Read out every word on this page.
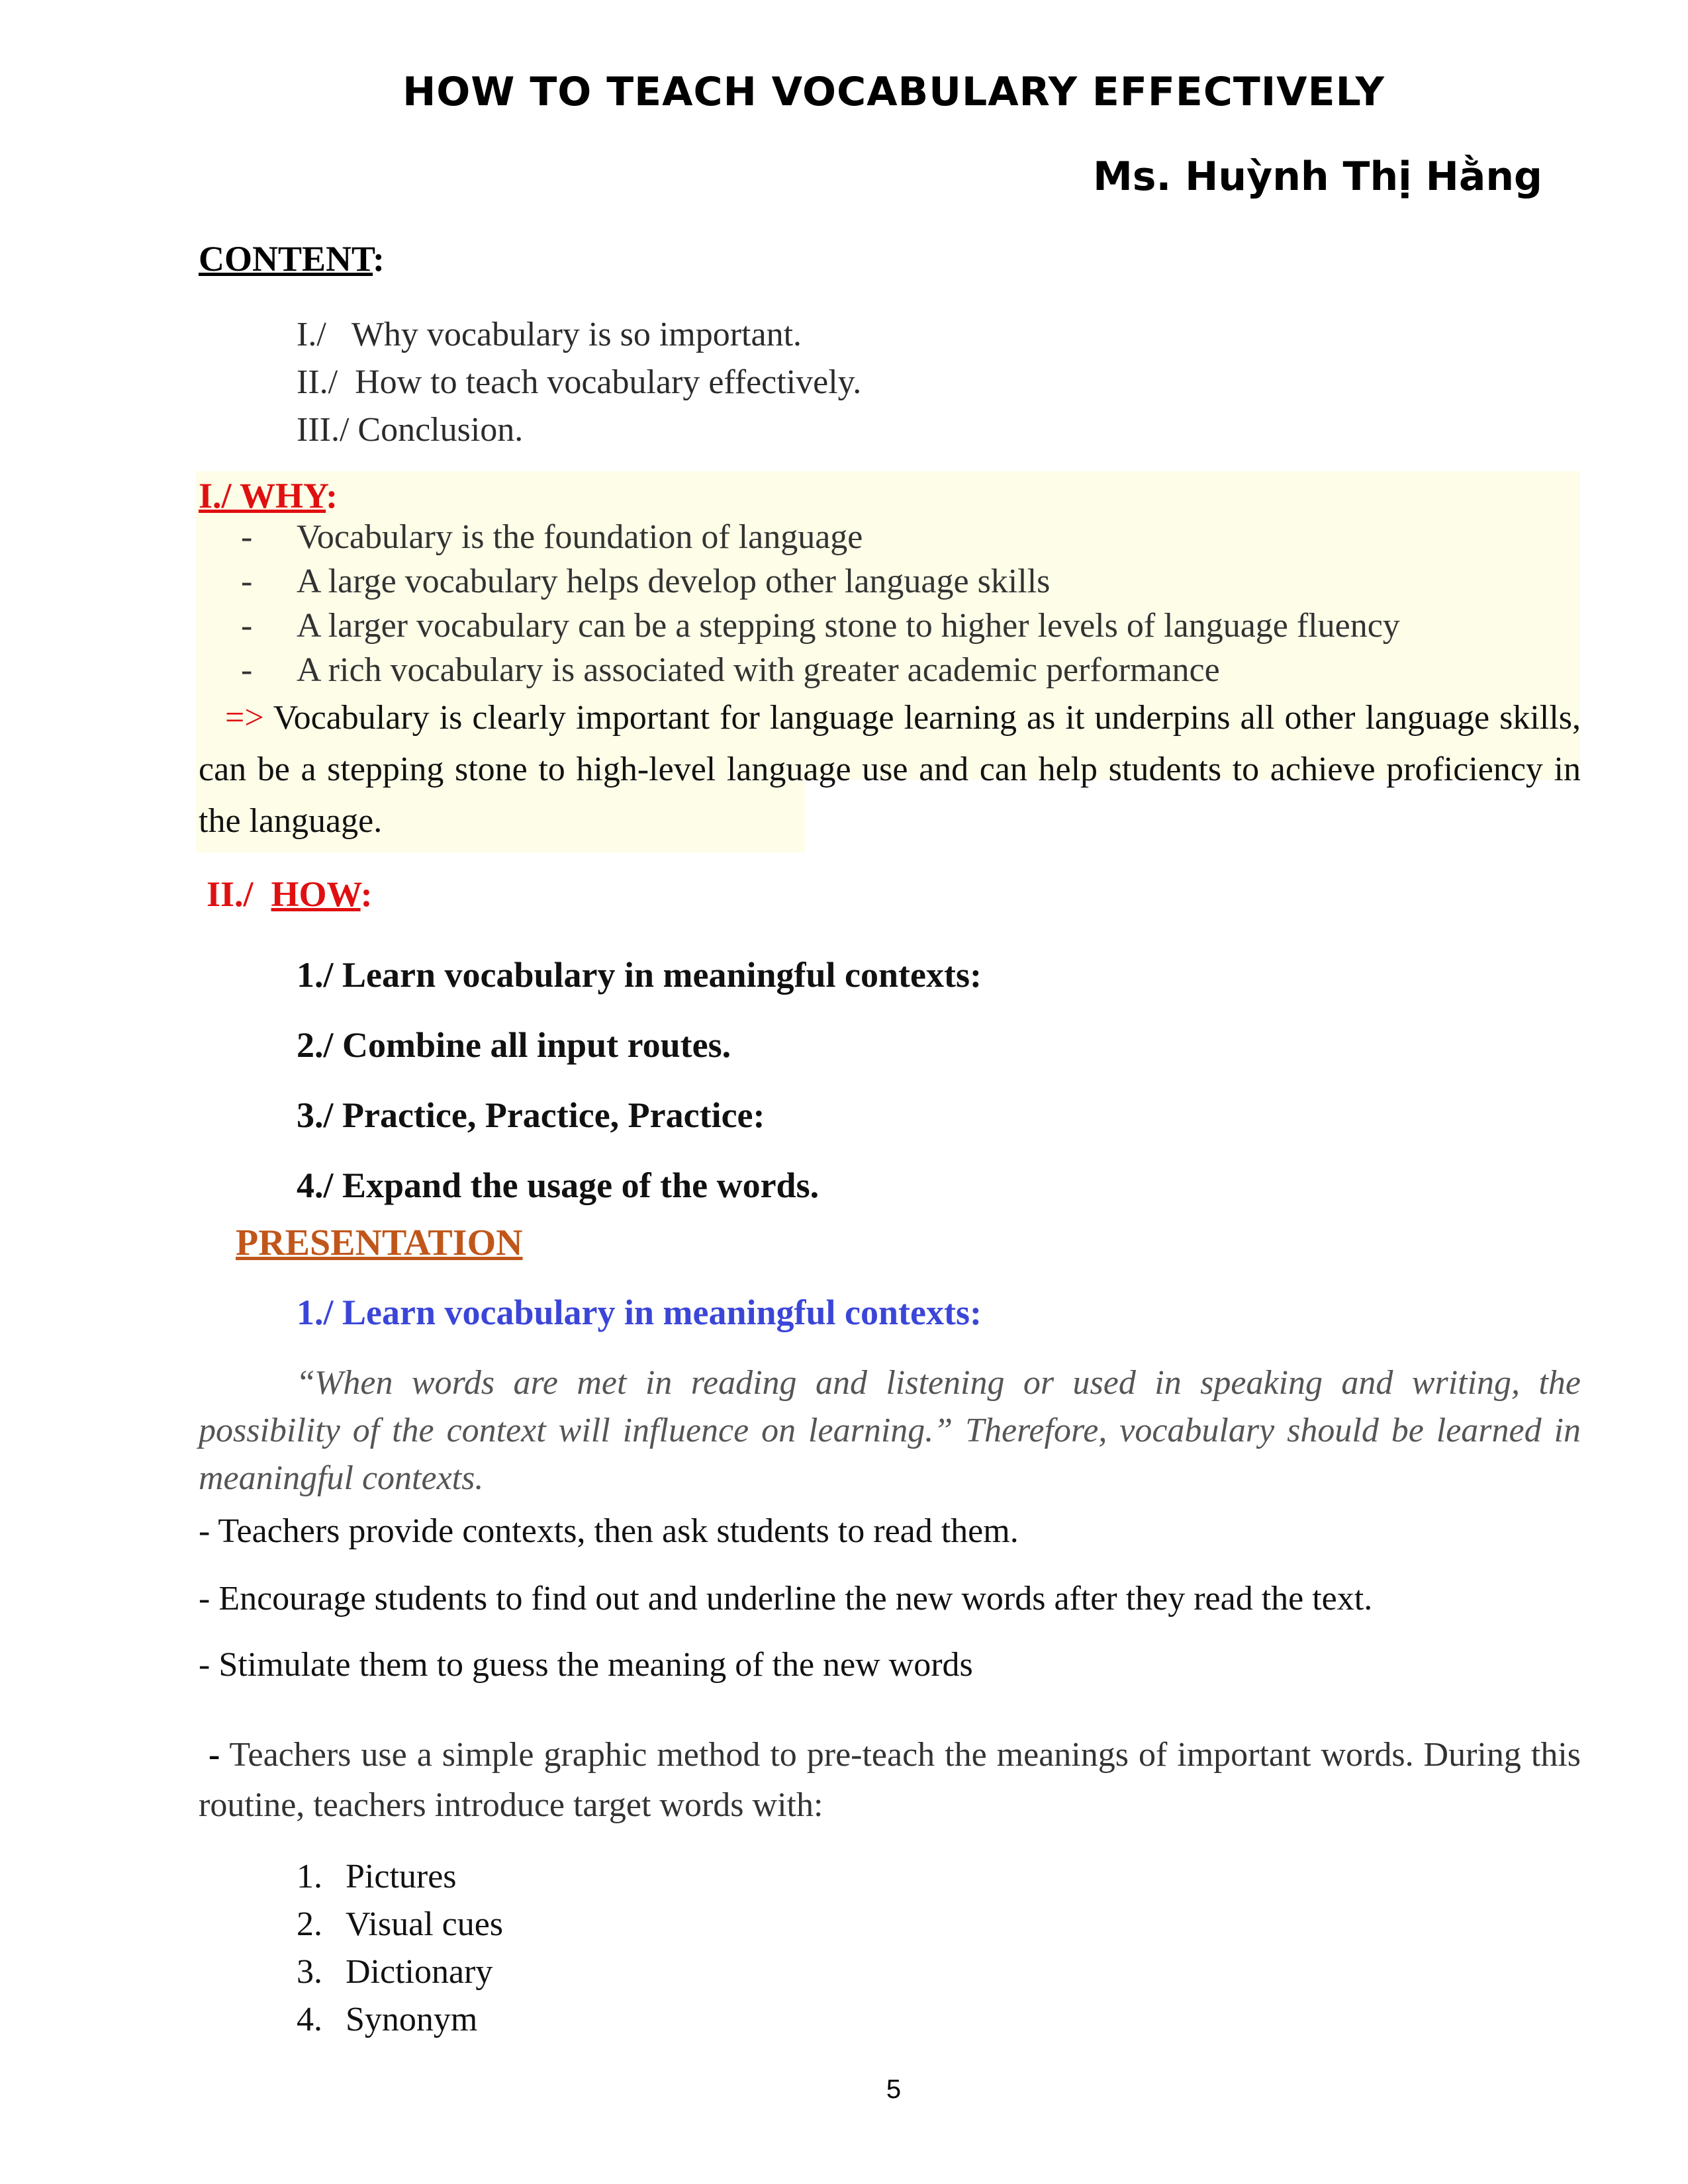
HOW TO TEACH VOCABULARY EFFECTIVELY
Ms. Huỳnh Thị Hằng
CONTENT:
I./   Why vocabulary is so important.
II./  How to teach vocabulary effectively.
III./ Conclusion.
I./ WHY:
- Vocabulary is the foundation of language
- A large vocabulary helps develop other language skills
- A larger vocabulary can be a stepping stone to higher levels of language fluency
- A rich vocabulary is associated with greater academic performance
=> Vocabulary is clearly important for language learning as it underpins all other language skills, can be a stepping stone to high-level language use and can help students to achieve proficiency in the language.
II./  HOW:
1./ Learn vocabulary in meaningful contexts:
2./ Combine all input routes.
3./ Practice, Practice, Practice:
4./ Expand the usage of the words.
PRESENTATION
1./ Learn vocabulary in meaningful contexts:
“When words are met in reading and listening or used in speaking and writing, the possibility of the context will influence on learning.” Therefore, vocabulary should be learned in meaningful contexts.
- Teachers provide contexts, then ask students to read them.
- Encourage students to find out and underline the new words after they read the text.
- Stimulate them to guess the meaning of the new words
- Teachers use a simple graphic method to pre-teach the meanings of important words. During this routine, teachers introduce target words with:
1. Pictures
2. Visual cues
3. Dictionary
4. Synonym
5
